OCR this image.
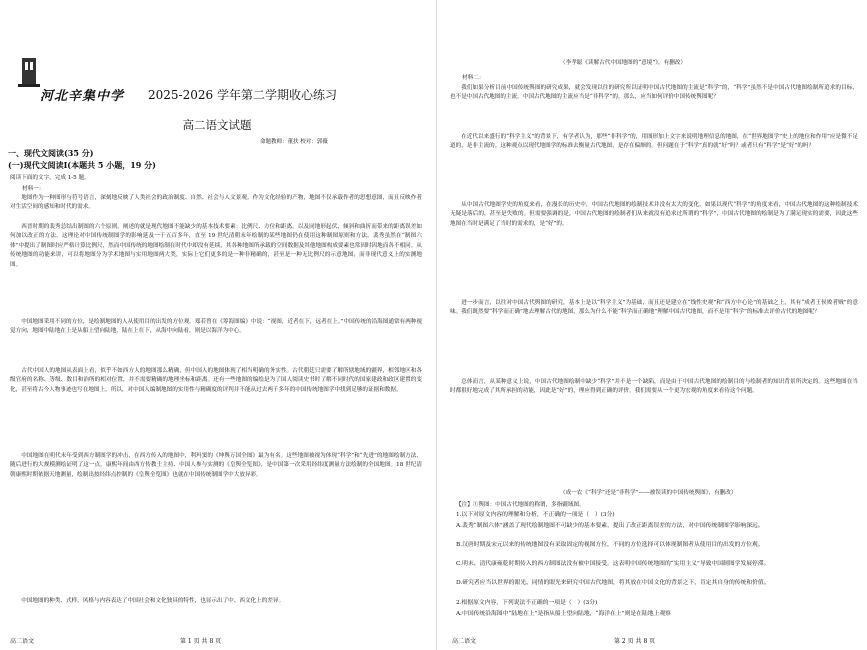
河北辛集中学 2025-2026 学年第二学期收心练习
高二语文试题
命题教师：董扶 校对：郭薇
一、现代文阅读(35 分)
(一)现代文阅读Ⅰ(本题共 5 小题，19 分)
阅读下面的文字，完成 1-5 题。
材料一：
地图作为一种图形与符号语言，深刻地反映了人类社会的政治制度、自然、社会与人文景观。作为文化经验的产物，地图不仅承载作者的思想意图，而且反映作者对生活空间的感知和时代的需求。
西晋时期的裴秀总结出制图的六个原则，阐述的就是现代地图不能缺少的基本技术要素：比例尺、方位和距离，以及同地形起伏、倾斜和曲折而带来的距离误差如何加以改正的方法。这理论对中国传统制图学的影响延及一千五百多年，直至 19 世纪清朝末年绘制的某些地图仍在使用这种制图原则和方法。裴秀虽然在“制图六体”中提出了制图时应严格计算比例尺，然而中国传统的地图绘制在时代中却没有延续，其各种地图所承载的空间数据及其他地图构成要素也常因时因地而各不相同。从传统地图的功能来讲，可以将地图分为学术地图与实用地图两大类，实际上它们更多的是一种非精确的，甚至是一种无比例尺的示意地图，而非现代意义上的实测地图。
中国地图采用不同的方位，是绘制地图的人从使用目的出发的方位观。郑若曾在《筹海图编》中说：“视图，近者在下，远者在上。”中国传统的沿海图通常有两种视觉方向，地图中陆地在上是从船上望向陆地，陆在上在下，从海中向陆看，则是以海洋为中心。
古代中国人的地图从表面上看，似乎不如西方人的地图那么精确，但中国人的地图体现了相当明确的务实性。古代朝廷只需要了解所辖地域的疆界，相邻地区和各级官府的名称、等级、数目和治所的相对位置，并不需要精确的地理坐标和距离。还有一些地图的编绘是为了国人阅读史书时了解不同时代的国家建政和政区建置的变化，甚至将古今人物事迹也写在地图上。所以，对中国人编制地图的实用性与精确度的评判并不能从过去两千多年的中国传统地图学中找到足够的证据和数据。
中国地图在明代末年受到西方制图学的冲击，在西方传入的地图中，利玛窦的《坤舆万国全图》最为有名。这些地图被视为体现“科学”和“先进”的地图绘制方法，随后进行的大规模测绘证明了这一点。康熙年间由西方传教士主持、中国人参与实测的《皇舆全览图》，是中国第一次采用经纬度测量方法绘制的全国地图。18 世纪清朝康熙时期依据天地测量，绘制出按经纬点控制的《皇舆全览图》也就在中国传统制图学中大放异彩。
中国地图的种类、式样、风格与内容表达了中国社会和文化独具的特性，也显示出了中、西文化上的差异。
高二语文	第 1 页 共 8 页
（李孝聪《读解古代中国地图的“意境”》，有删改）
材料二：
我们如果分析目前中国传统舆图的研究成果，就会发现以往的研究所以证明中国古代地图的主流是“科学”的，“科学”虽然不是中国古代地图绘制所追求的目标，也不是中国古代地图的主流，中国古代地图的主流应当是“非科学”的。那么，应当如何评价中国传统舆图呢？
在近代以来盛行的“科学主义”的背景下，有学者认为，那些“非科学”的，用图形加上文字来说明地理信息的地图，在“世界地图学”史上的地位和作用”应是微不足道的，是非主流的。这种观点以现代地图学的标准去衡量古代地图，是存在偏颇的。但问题在于“科学”真的就“好”吗？或者只有“科学”是“好”的吗？
从中国古代地图学史的角度来看，在漫长的历史中，中国古代地图的绘制技术并没有太大的变化。如果以现代“科学”的角度来看，中国古代地图的这种绘制技术无疑是落后的，甚至是失败的。但需要强调的是，中国古代地图的绘制者们从来就没有追求过所谓的“科学”，中国古代地图的绘制是为了满足现实的需要，因此这些地图在当时是满足了当时的需求的，是“好”的。
进一步而言，以往对中国古代舆图的研究，基本上是以“科学主义”为基础，而且还是建立在“线性史观”和“西方中心论”的基础之上，其有“成者王侯败者贼”的意味。我们既然要“科学而正确”地去理解古代的地图，那么为什么不能“科学而正确地”理解中国古代地图，而不是用“科学”的标准去评价古代的地图呢？
总体而言，从某种意义上说，中国古代地图绘制中缺少“科学”并不是一个缺陷，而是由于中国古代地图的绘制目的与绘制者的知识背景所决定的。这些地图在当时都很好地完成了其所承担的功能，因此是“好”的，理应得到正确的评价，我们需要从一个更为宏观的角度来看待这个问题。
（成一农《“科学”还是“非科学”——被误读的中国传统舆图》，有删改）
【注】①舆图：中国古代地图的称谓，多指疆域图。
1.以下对原文内容的理解和分析，不正确的一项是（　）(3分)
A.裴秀“制图六体”涵盖了现代绘制地图不可缺少的基本要素，提出了改正距离误差的方法，对中国传统制图学影响深远。
B.汉唐时期及宋元以来的传统地图没有采取固定的视图方位，不同的方位选择可以体现制图者从使用目的出发的方位观。
C.明末、清代康雍乾时期传入的西方制图法没有被中国接受，这表明中国传统地图的“实用主义”导致中国制图学发展停滞。
D.研究者应当以世界的眼光、同情的眼光来研究中国古代地图，将其放在中国文化的背景之下，肯定其自身的传统和价值。
2.根据原文内容，下列说法不正确的一项是（　）(3分)
A.中国传统沿海图中“陆地在上”是指从船上望向陆地，“海洋在上”则是在陆地上观察
高二语文	第 2 页 共 8 页
